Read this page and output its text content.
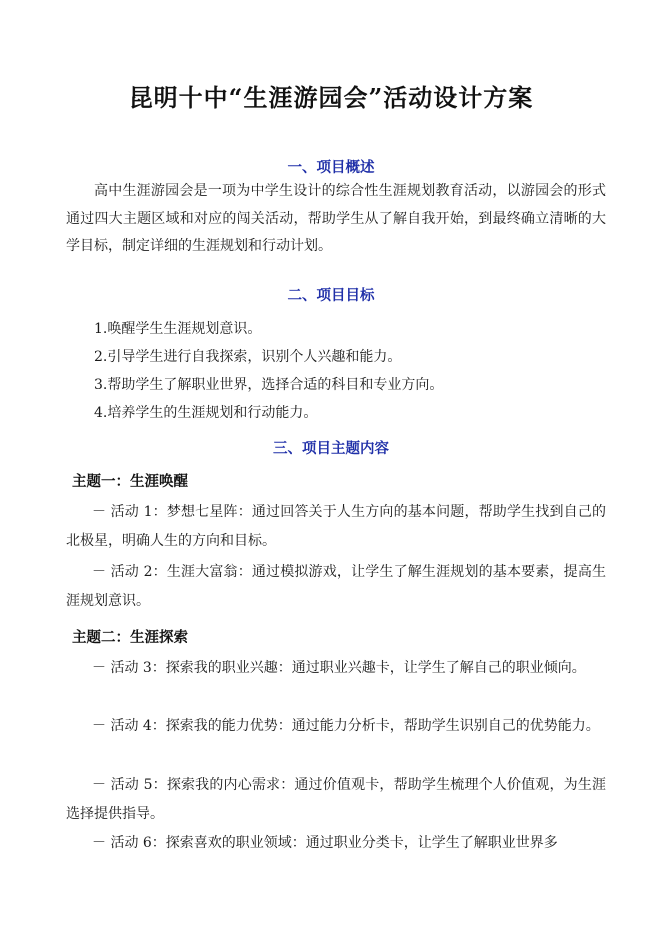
昆明十中“生涯游园会”活动设计方案
一、项目概述

高中生涯游园会是一项为中学生设计的综合性生涯规划教育活动，以游园会的形式通过四大主题区域和对应的闯关活动，帮助学生从了解自我开始，到最终确立清晰的大学目标，制定详细的生涯规划和行动计划。

二、项目目标
1.唤醒学生生涯规划意识。
2.引导学生进行自我探索，识别个人兴趣和能力。
3.帮助学生了解职业世界，选择合适的科目和专业方向。
4.培养学生的生涯规划和行动能力。
三、项目主题内容
主题一：生涯唤醒

－ 活动 1：梦想七星阵：通过回答关于人生方向的基本问题，帮助学生找到自己的北极星，明确人生的方向和目标。

－ 活动 2：生涯大富翁：通过模拟游戏，让学生了解生涯规划的基本要素，提高生涯规划意识。

主题二：生涯探索

－ 活动 3：探索我的职业兴趣：通过职业兴趣卡，让学生了解自己的职业倾向。

－ 活动 4：探索我的能力优势：通过能力分析卡，帮助学生识别自己的优势能力。

－ 活动 5：探索我的内心需求：通过价值观卡，帮助学生梳理个人价值观，为生涯选择提供指导。

－ 活动 6：探索喜欢的职业领域：通过职业分类卡，让学生了解职业世界多
